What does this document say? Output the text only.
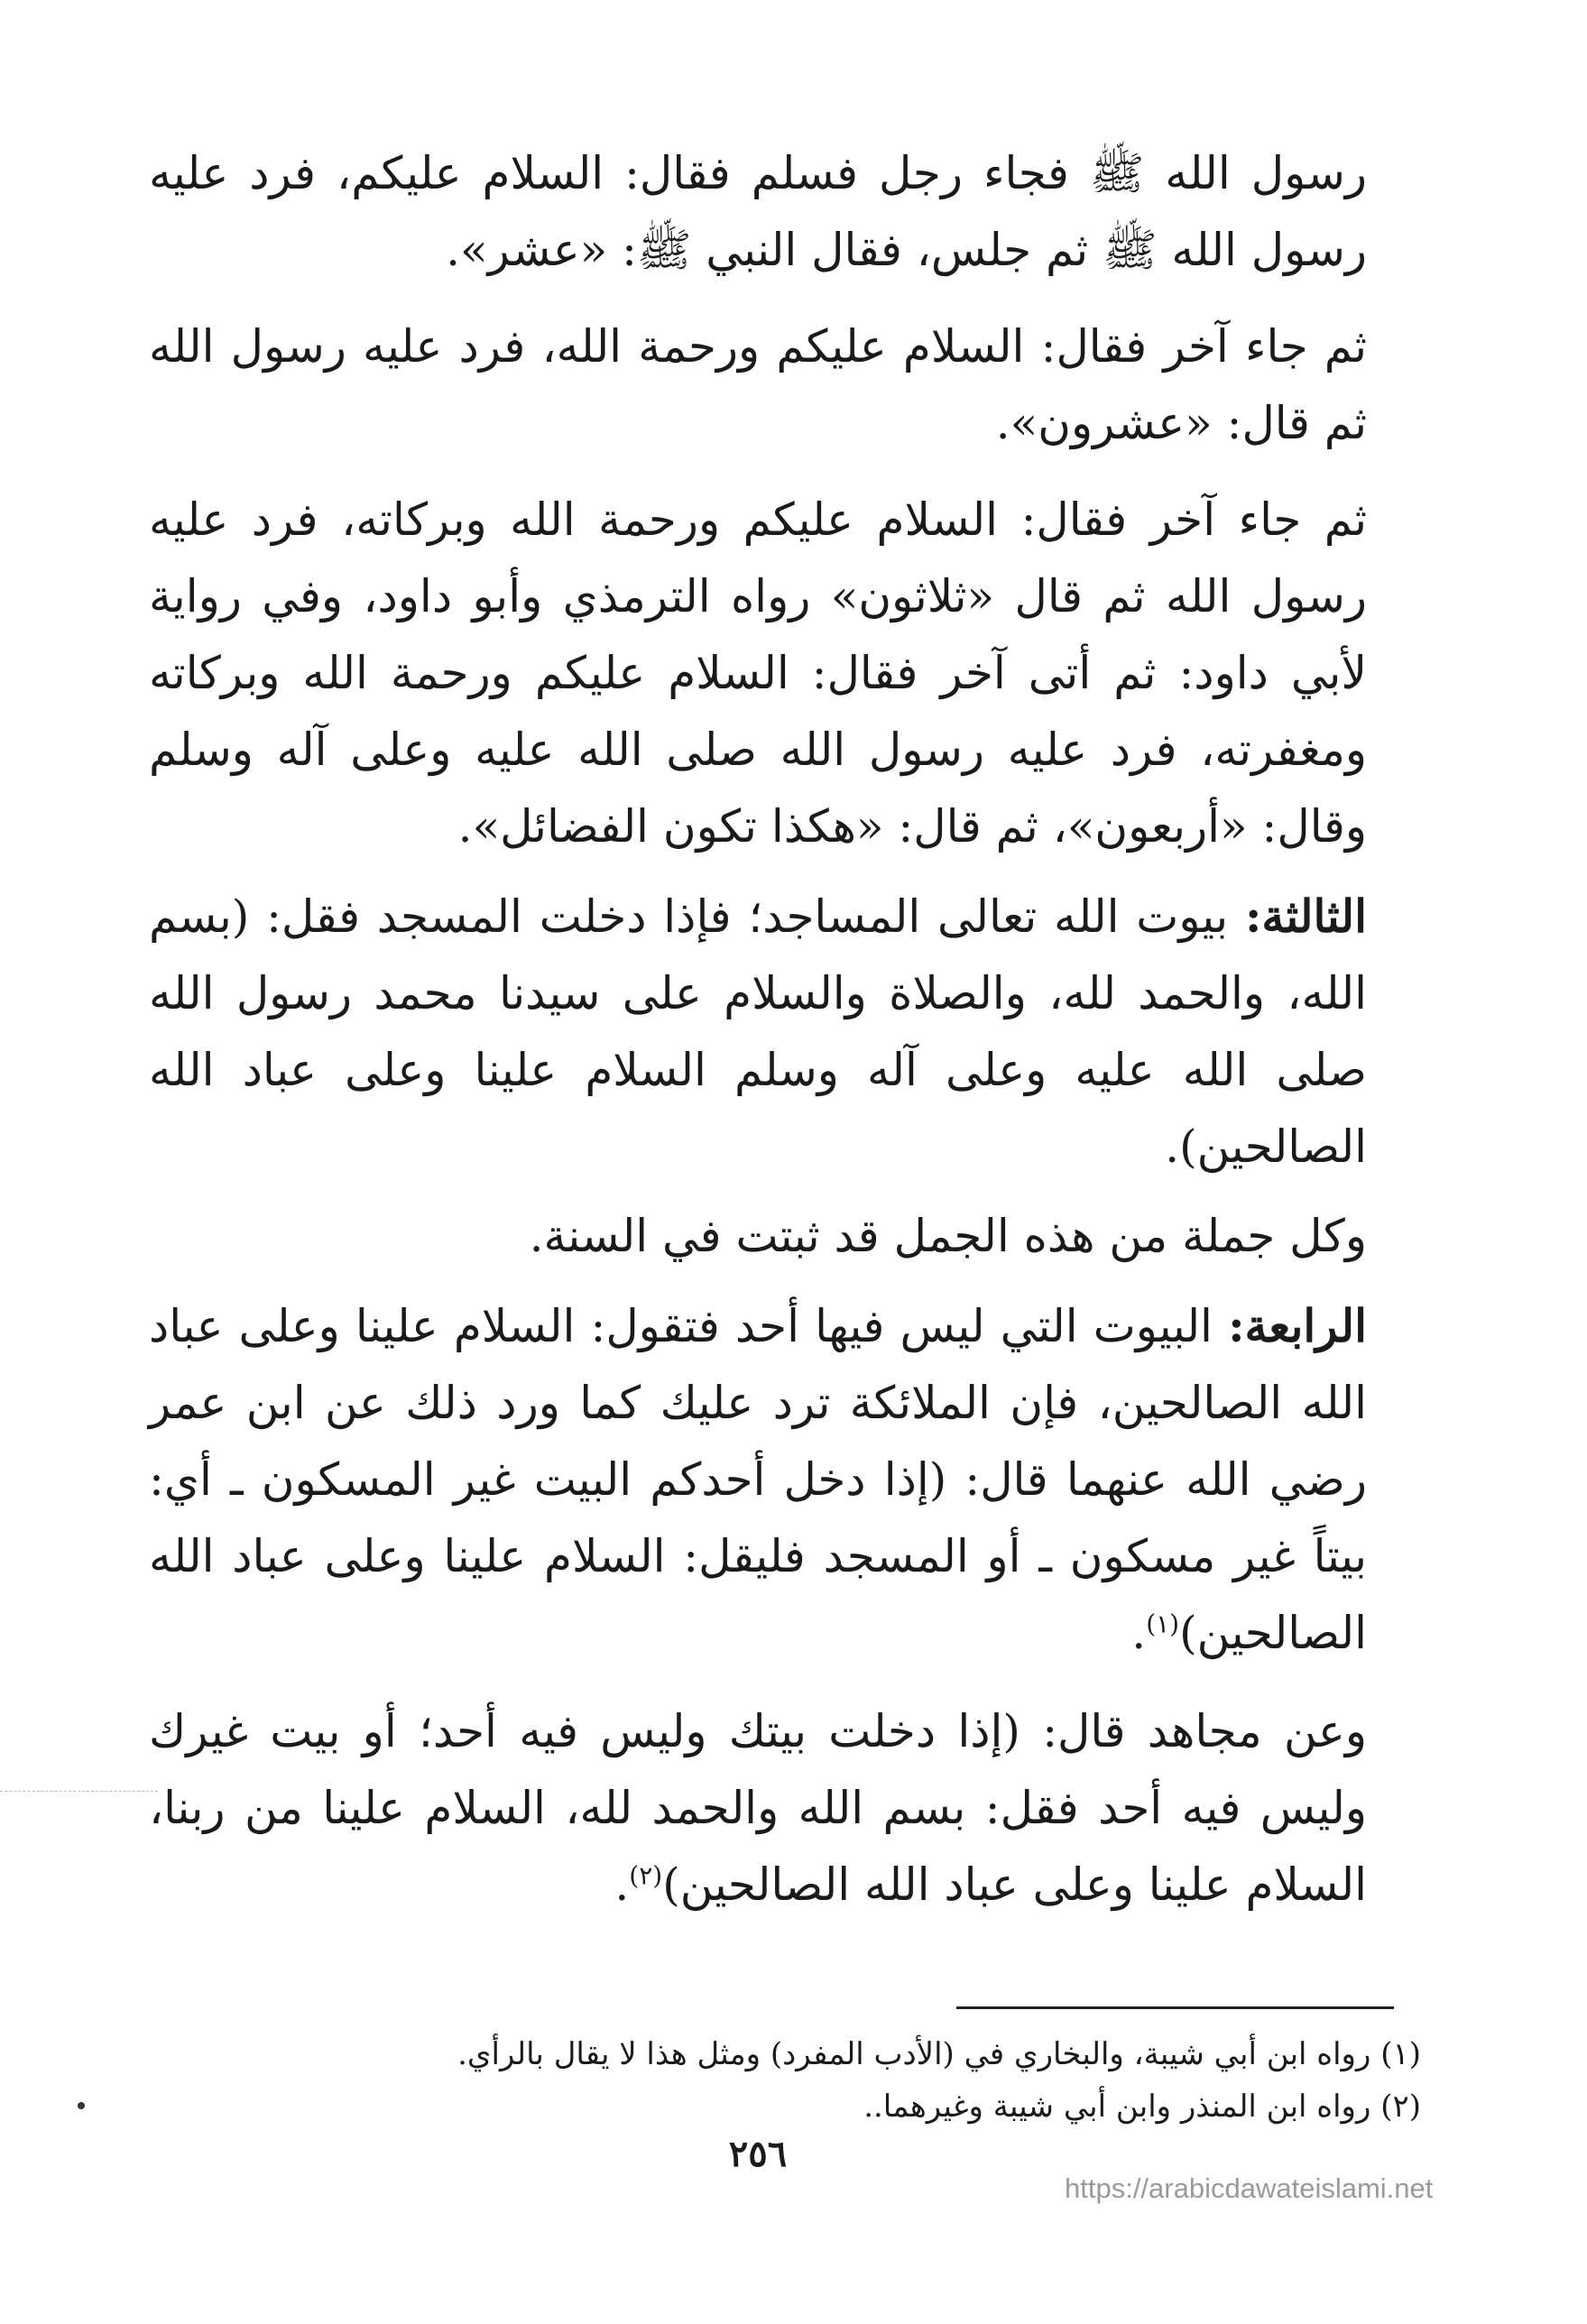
رسول الله ﷺ فجاء رجل فسلم فقال: السلام عليكم، فرد عليه رسول الله ﷺ ثم جلس، فقال النبي ﷺ: «عشر».

ثم جاء آخر فقال: السلام عليكم ورحمة الله، فرد عليه رسول الله ثم قال: «عشرون».

ثم جاء آخر فقال: السلام عليكم ورحمة الله وبركاته، فرد عليه رسول الله ثم قال «ثلاثون» رواه الترمذي وأبو داود، وفي رواية لأبي داود: ثم أتى آخر فقال: السلام عليكم ورحمة الله وبركاته ومغفرته، فرد عليه رسول الله صلى الله عليه وعلى آله وسلم وقال: «أربعون»، ثم قال: «هكذا تكون الفضائل».

الثالثة: بيوت الله تعالى المساجد؛ فإذا دخلت المسجد فقل: (بسم الله، والحمد لله، والصلاة والسلام على سيدنا محمد رسول الله صلى الله عليه وعلى آله وسلم السلام علينا وعلى عباد الله الصالحين).

وكل جملة من هذه الجمل قد ثبتت في السنة.

الرابعة: البيوت التي ليس فيها أحد فتقول: السلام علينا وعلى عباد الله الصالحين، فإن الملائكة ترد عليك كما ورد ذلك عن ابن عمر رضي الله عنهما قال: (إذا دخل أحدكم البيت غير المسكون ـ أي: بيتاً غير مسكون ـ أو المسجد فليقل: السلام علينا وعلى عباد الله الصالحين)$^{(١)}$.

وعن مجاهد قال: (إذا دخلت بيتك وليس فيه أحد؛ أو بيت غيرك وليس فيه أحد فقل: بسم الله والحمد لله، السلام علينا من ربنا، السلام علينا وعلى عباد الله الصالحين)$^{(٢)}$.

(١) رواه ابن أبي شيبة، والبخاري في (الأدب المفرد) ومثل هذا لا يقال بالرأي.

(٢) رواه ابن المنذر وابن أبي شيبة وغيرهما..

٢٥٦
https://arabicdawateislami.net
